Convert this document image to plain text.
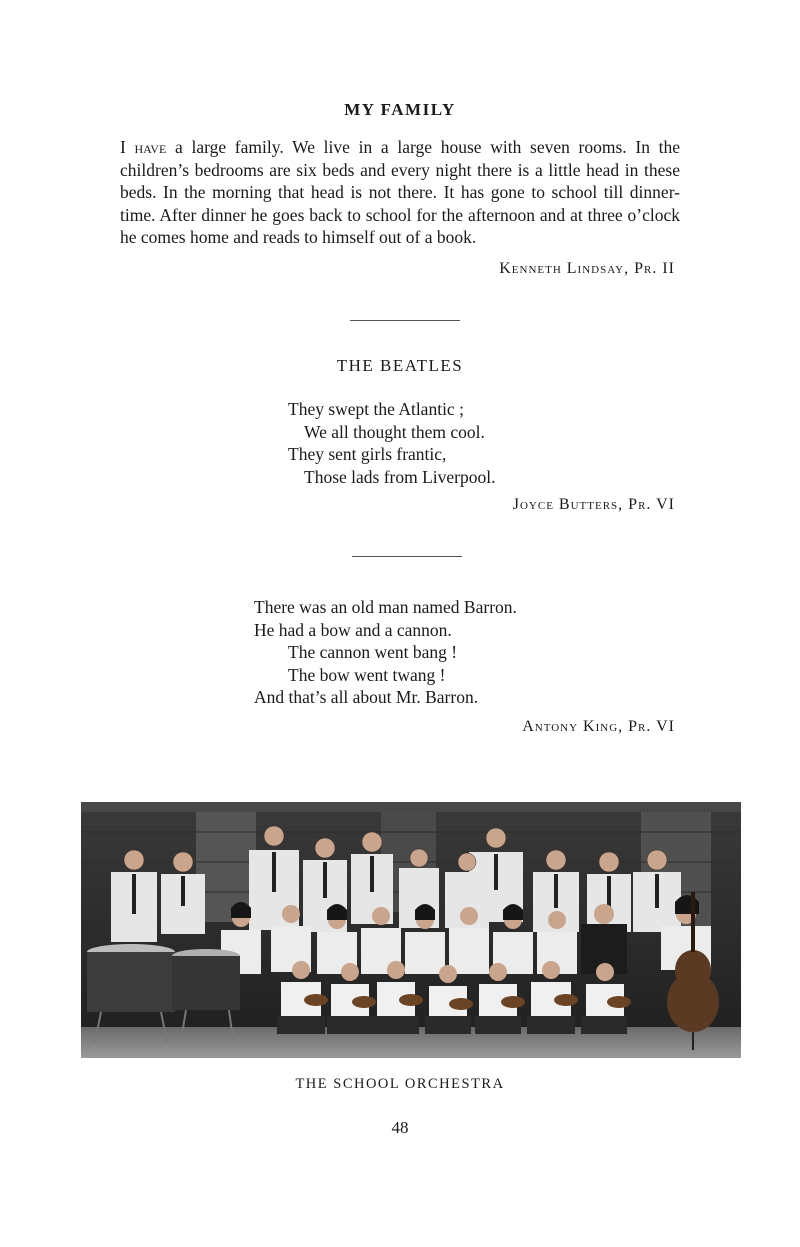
MY FAMILY
I have a large family. We live in a large house with seven rooms. In the children’s bedrooms are six beds and every night there is a little head in these beds. In the morning that head is not there. It has gone to school till dinner-time. After dinner he goes back to school for the afternoon and at three o’clock he comes home and reads to himself out of a book.
Kenneth Lindsay, Pr. II
THE BEATLES
They swept the Atlantic ;
We all thought them cool.
They sent girls frantic,
Those lads from Liverpool.
Joyce Butters, Pr. VI
There was an old man named Barron.
He had a bow and a cannon.
The cannon went bang !
The bow went twang !
And that’s all about Mr. Barron.
Antony King, Pr. VI
THE SCHOOL ORCHESTRA
48
